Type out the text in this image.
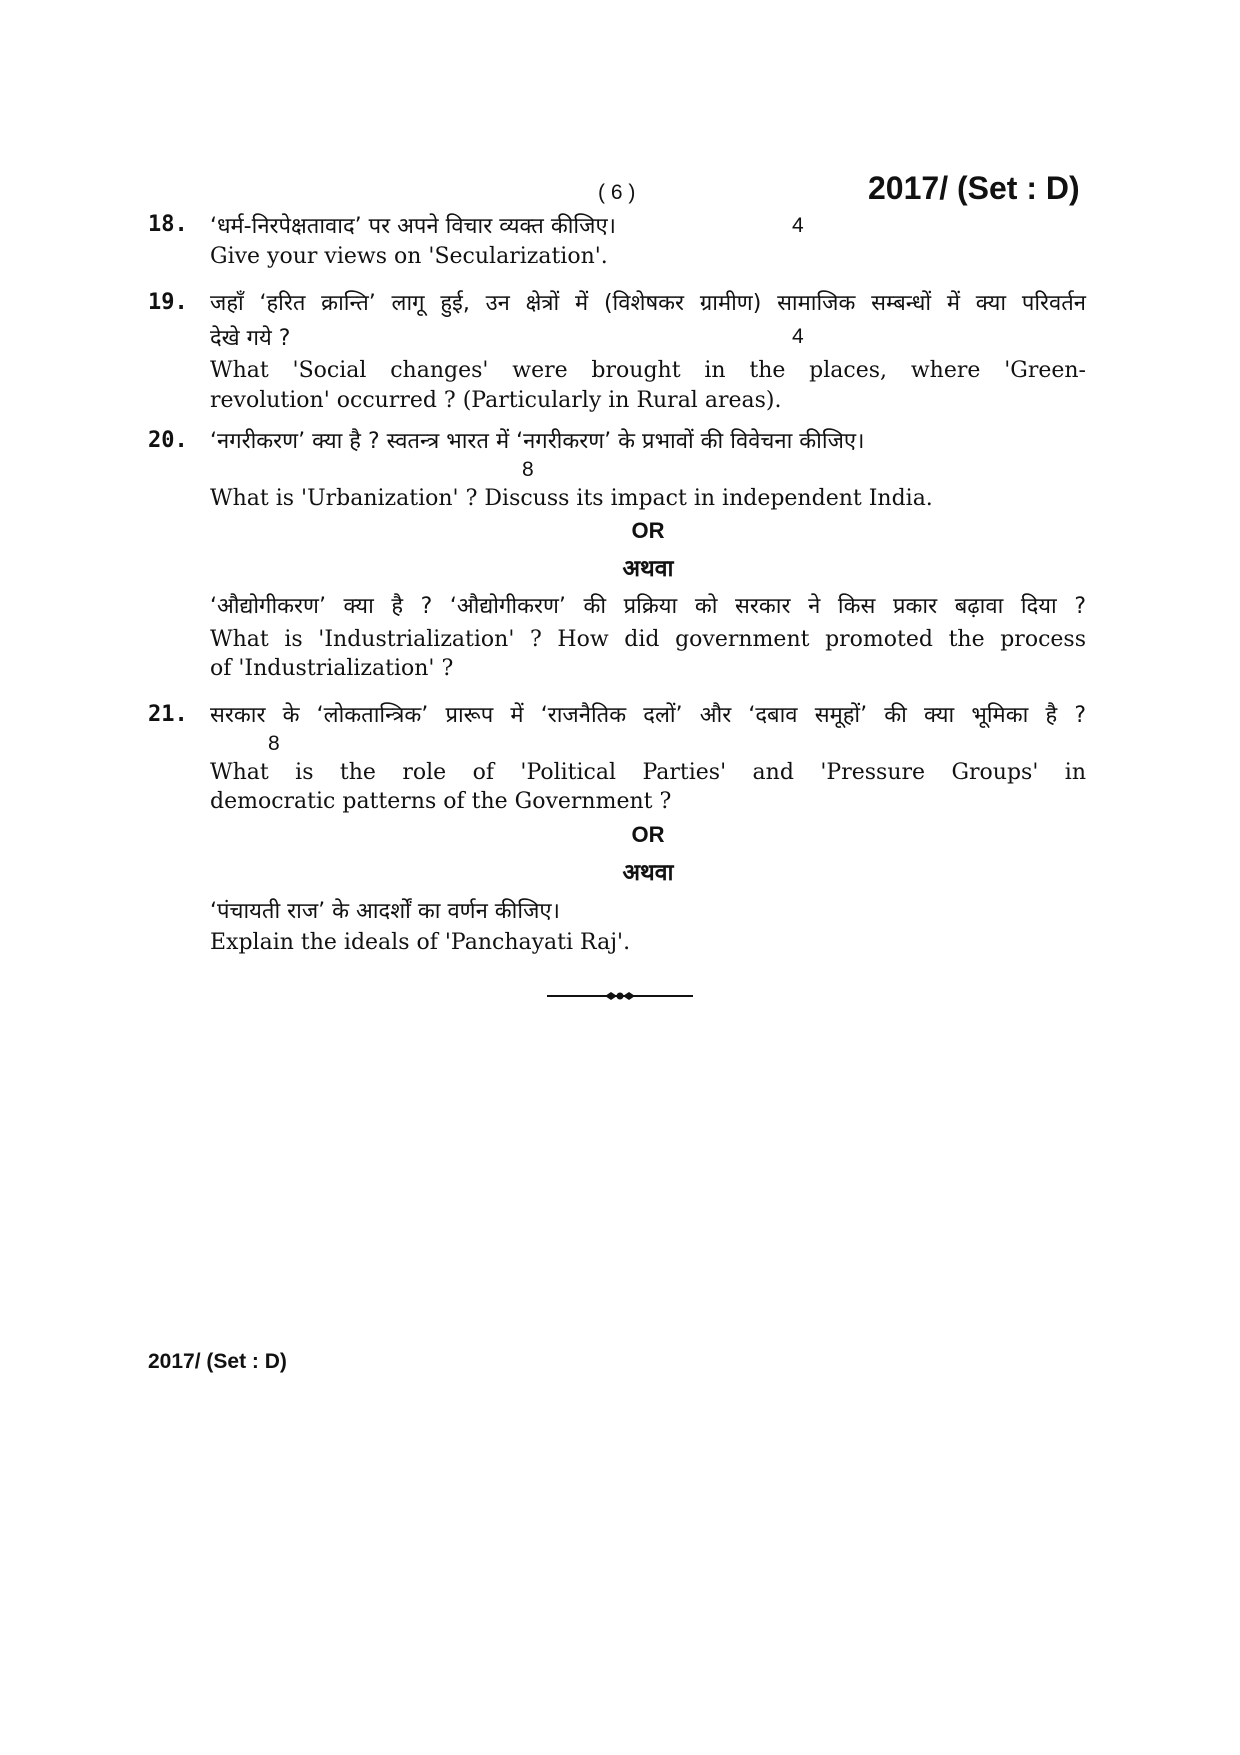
( 6 )	2017/ (Set : D)
18. ‘धर्म-निरपेक्षतावाद’ पर अपने विचार व्यक्त कीजिए।	4
Give your views on 'Secularization'.
19. जहाँ ‘हरित क्रान्ति’ लागू हुई, उन क्षेत्रों में (विशेषकर ग्रामीण) सामाजिक सम्बन्धों में क्या परिवर्तन
देखे गये ?	4
What 'Social changes' were brought in the places, where 'Green-
revolution' occurred ? (Particularly in Rural areas).
20. ‘नगरीकरण’ क्या है ? स्वतन्त्र भारत में ‘नगरीकरण’ के प्रभावों की विवेचना कीजिए।
8
What is 'Urbanization' ? Discuss its impact in independent India.
OR
अथवा
‘औद्योगीकरण’ क्या है ? ‘औद्योगीकरण’ की प्रक्रिया को सरकार ने किस प्रकार बढ़ावा दिया ?
What is 'Industrialization' ? How did government promoted the process
of 'Industrialization' ?
21. सरकार के ‘लोकतान्त्रिक’ प्रारूप में ‘राजनैतिक दलों’ और ‘दबाव समूहों’ की क्या भूमिका है ?
8
What is the role of 'Political Parties' and 'Pressure Groups' in
democratic patterns of the Government ?
OR
अथवा
‘पंचायती राज’ के आदर्शों का वर्णन कीजिए।
Explain the ideals of 'Panchayati Raj'.
2017/ (Set : D)
